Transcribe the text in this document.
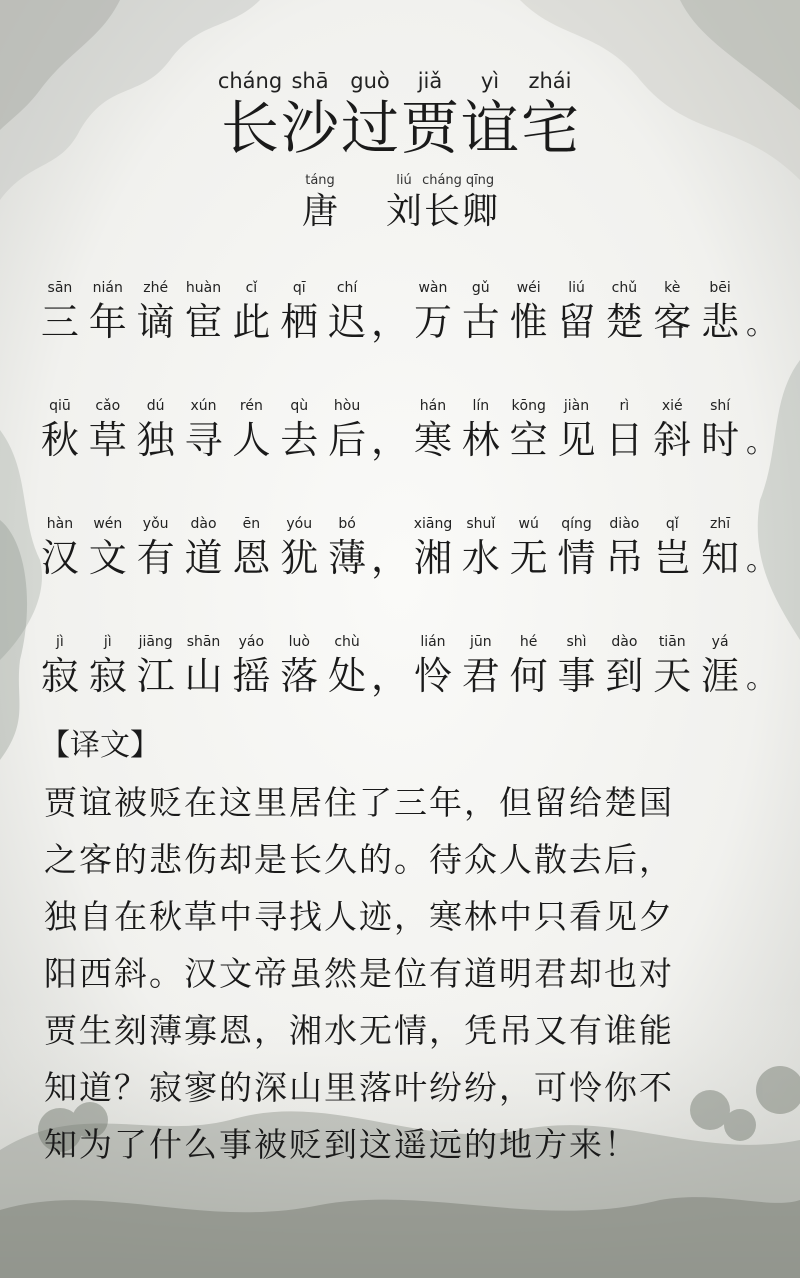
cháng
长
shā
沙
guò
过
jiǎ
贾
yì
谊
zhái
宅
táng
唐
liú
刘
cháng
长
qīng
卿
sān
三
nián
年
zhé
谪
huàn
宦
cǐ
此
qī
栖
chí
迟 ，
wàn
万
gǔ
古
wéi
惟
liú
留
chǔ
楚
kè
客
bēi
悲 。
qiū
秋
cǎo
草
dú
独
xún
寻
rén
人
qù
去
hòu
后 ，
hán
寒
lín
林
kōng
空
jiàn
见
rì
日
xié
斜
shí
时 。
hàn
汉
wén
文
yǒu
有
dào
道
ēn
恩
yóu
犹
bó
薄 ，
xiāng
湘
shuǐ
水
wú
无
qíng
情
diào
吊
qǐ
岂
zhī
知 。
jì
寂
jì
寂
jiāng
江
shān
山
yáo
摇
luò
落
chù
处 ，
lián
怜
jūn
君
hé
何
shì
事
dào
到
tiān
天
yá
涯 。
【译文】
贾谊被贬在这里居住了三年，但留给楚国
之客的悲伤却是长久的。待众人散去后，
独自在秋草中寻找人迹，寒林中只看见夕
阳西斜。汉文帝虽然是位有道明君却也对
贾生刻薄寡恩，湘水无情，凭吊又有谁能
知道？寂寥的深山里落叶纷纷，可怜你不
知为了什么事被贬到这遥远的地方来！
